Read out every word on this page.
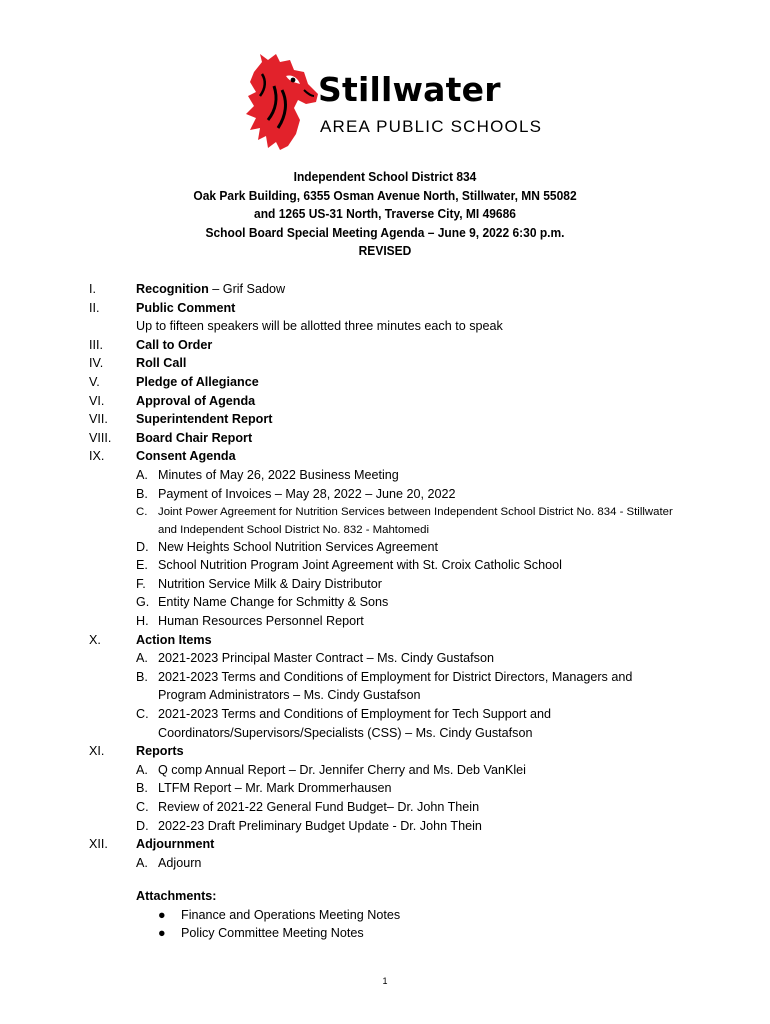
Stillwater
AREA PUBLIC SCHOOLS
Independent School District 834
Oak Park Building, 6355 Osman Avenue North, Stillwater, MN 55082
and 1265 US-31 North, Traverse City, MI 49686
School Board Special Meeting Agenda – June 9, 2022 6:30 p.m.
REVISED
I.	Recognition – Grif Sadow
II.	Public Comment
Up to fifteen speakers will be allotted three minutes each to speak
III.	Call to Order
IV.	Roll Call
V.	Pledge of Allegiance
VI.	Approval of Agenda
VII. Superintendent Report
VIII. Board Chair Report
IX.	Consent Agenda
A. Minutes of May 26, 2022 Business Meeting
B. Payment of Invoices – May 28, 2022 – June 20, 2022
C. Joint Power Agreement for Nutrition Services between Independent School District No. 834 - Stillwater
and Independent School District No. 832 - Mahtomedi
D. New Heights School Nutrition Services Agreement
E. School Nutrition Program Joint Agreement with St. Croix Catholic School
F. Nutrition Service Milk & Dairy Distributor
G. Entity Name Change for Schmitty & Sons
H. Human Resources Personnel Report
X.	Action Items
A. 2021-2023 Principal Master Contract – Ms. Cindy Gustafson
B. 2021-2023 Terms and Conditions of Employment for District Directors, Managers and
Program Administrators – Ms. Cindy Gustafson
C. 2021-2023 Terms and Conditions of Employment for Tech Support and
Coordinators/Supervisors/Specialists (CSS) – Ms. Cindy Gustafson
XI.	Reports
A. Q comp Annual Report – Dr. Jennifer Cherry and Ms. Deb VanKlei
B. LTFM Report – Mr. Mark Drommerhausen
C. Review of 2021-22 General Fund Budget– Dr. John Thein
D. 2022-23 Draft Preliminary Budget Update - Dr. John Thein
XII. Adjournment
A. Adjourn
Attachments:
● Finance and Operations Meeting Notes
● Policy Committee Meeting Notes
1
